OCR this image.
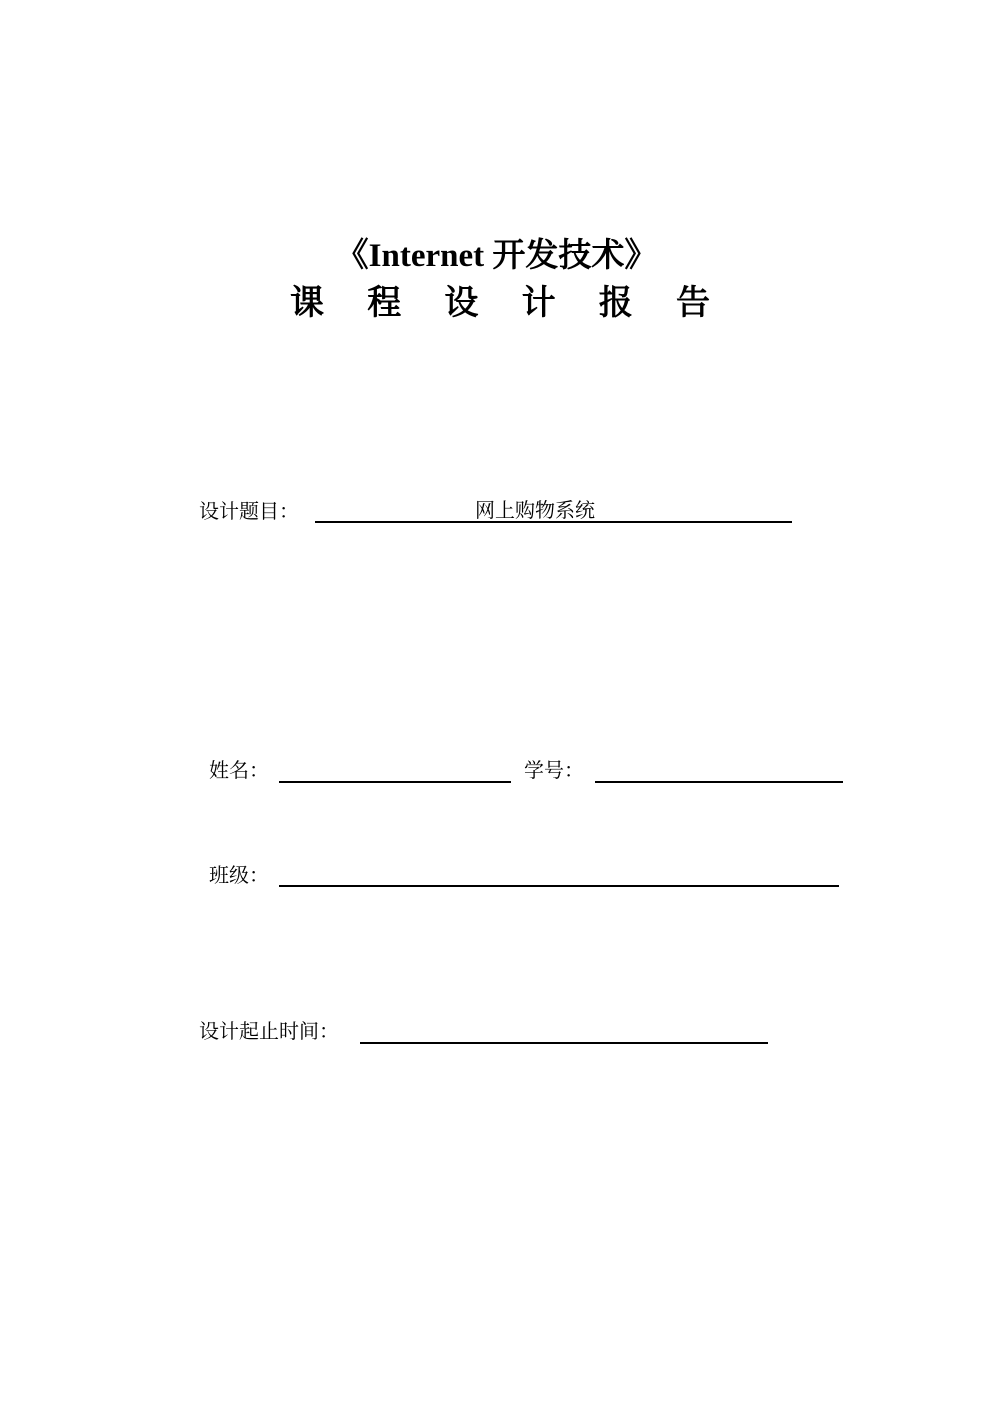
《Internet 开发技术》
课 程 设 计 报 告
设计题目：	网上购物系统
姓名：	学号：
班级：
设计起止时间：
